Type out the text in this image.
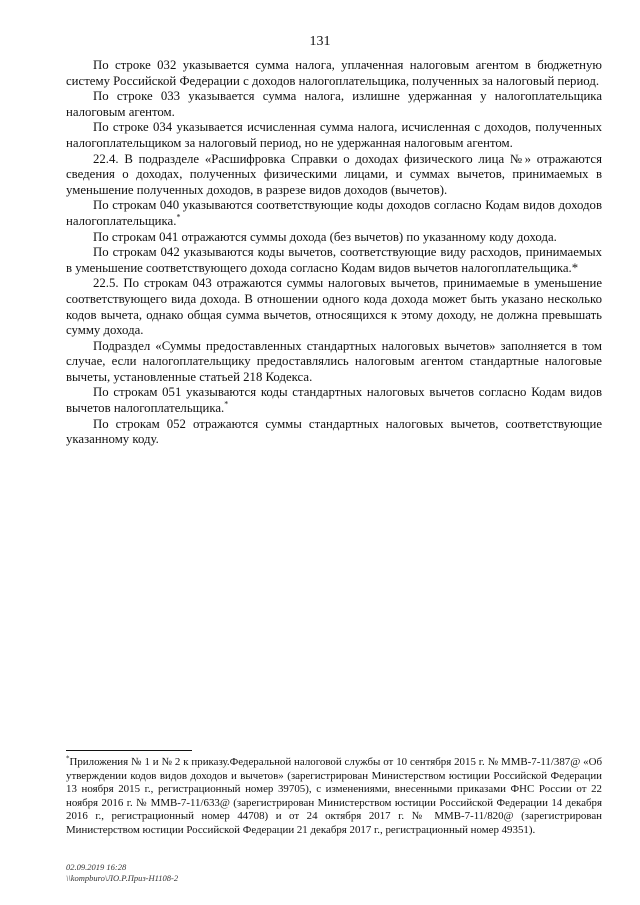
131

По строке 032 указывается сумма налога, уплаченная налоговым агентом в бюджетную систему Российской Федерации с доходов налогоплательщика, полученных за налоговый период.

По строке 033 указывается сумма налога, излишне удержанная у налогоплательщика налоговым агентом.

По строке 034 указывается исчисленная сумма налога, исчисленная с доходов, полученных налогоплательщиком за налоговый период, но не удержанная налоговым агентом.

22.4. В подразделе «Расшифровка Справки о доходах физического лица №» отражаются сведения о доходах, полученных физическими лицами, и суммах вычетов, принимаемых в уменьшение полученных доходов, в разрезе видов доходов (вычетов).

По строкам 040 указываются соответствующие коды доходов согласно Кодам видов доходов налогоплательщика.*

По строкам 041 отражаются суммы дохода (без вычетов) по указанному коду дохода.

По строкам 042 указываются коды вычетов, соответствующие виду расходов, принимаемых в уменьшение соответствующего дохода согласно Кодам видов вычетов налогоплательщика.*

22.5. По строкам 043 отражаются суммы налоговых вычетов, принимаемые в уменьшение соответствующего вида дохода. В отношении одного кода дохода может быть указано несколько кодов вычета, однако общая сумма вычетов, относящихся к этому доходу, не должна превышать сумму дохода.

Подраздел «Суммы предоставленных стандартных налоговых вычетов» заполняется в том случае, если налогоплательщику предоставлялись налоговым агентом стандартные налоговые вычеты, установленные статьей 218 Кодекса.

По строкам 051 указываются коды стандартных налоговых вычетов согласно Кодам видов вычетов налогоплательщика.*

По строкам 052 отражаются суммы стандартных налоговых вычетов, соответствующие указанному коду.

*Приложения № 1 и № 2 к приказу.Федеральной налоговой службы от 10 сентября 2015 г. № ММВ-7-11/387@ «Об утверждении кодов видов доходов и вычетов» (зарегистрирован Министерством юстиции Российской Федерации 13 ноября 2015 г., регистрационный номер 39705), с изменениями, внесенными приказами ФНС России от 22 ноября 2016 г. № ММВ-7-11/633@ (зарегистрирован Министерством юстиции Российской Федерации 14 декабря 2016 г., регистрационный номер 44708) и от 24 октября 2017 г. № ММВ-7-11/820@ (зарегистрирован Министерством юстиции Российской Федерации 21 декабря 2017 г., регистрационный номер 49351).

02.09.2019 16:28
\\kompburo\ЛО.Р.Приз-Н1108-2
